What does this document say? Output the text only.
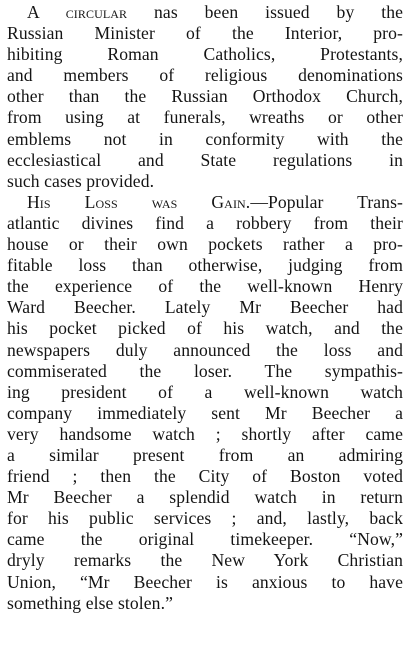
A circular nas been issued by the
Russian Minister of the Interior, pro-
hibiting Roman Catholics, Protestants,
and members of religious denominations
other than the Russian Orthodox Church,
from using at funerals, wreaths or other
emblems not in conformity with the
ecclesiastical and State regulations in
such cases provided.

His Loss was Gain.—Popular Trans-
atlantic divines find a robbery from their
house or their own pockets rather a pro-
fitable loss than otherwise, judging from
the experience of the well-known Henry
Ward Beecher. Lately Mr Beecher had
his pocket picked of his watch, and the
newspapers duly announced the loss and
commiserated the loser. The sympathis-
ing president of a well-known watch
company immediately sent Mr Beecher a
very handsome watch ; shortly after came
a similar present from an admiring
friend ; then the City of Boston voted
Mr Beecher a splendid watch in return
for his public services ; and, lastly, back
came the original timekeeper. “Now,”
dryly remarks the New York Christian
Union, “Mr Beecher is anxious to have
something else stolen.”
